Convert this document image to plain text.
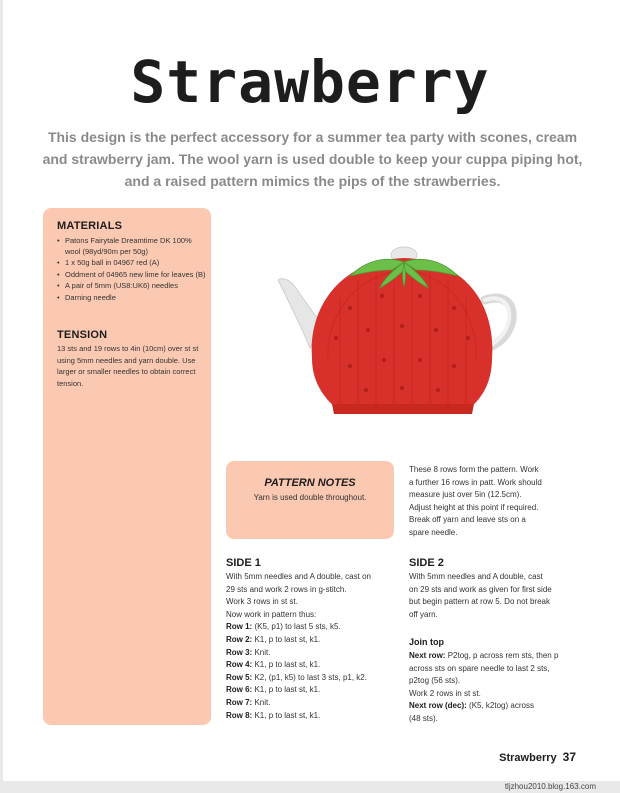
Strawberry
This design is the perfect accessory for a summer tea party with scones, cream and strawberry jam. The wool yarn is used double to keep your cuppa piping hot, and a raised pattern mimics the pips of the strawberries.
MATERIALS
• Patons Fairytale Dreamtime DK 100% wool (98yd/90m per 50g)
• 1 x 50g ball in 04967 red (A)
• Oddment of 04965 new lime for leaves (B)
• A pair of 5mm (US8:UK6) needles
• Darning needle
TENSION
13 sts and 19 rows to 4in (10cm) over st st using 5mm needles and yarn double. Use larger or smaller needles to obtain correct tension.
PATTERN NOTES
Yarn is used double throughout.
SIDE 1

With 5mm needles and A double, cast on

29 sts and work 2 rows in g-stitch.

Work 3 rows in st st.

Now work in pattern thus:

Row 1: (K5, p1) to last 5 sts, k5.

Row 2: K1, p to last st, k1.

Row 3: Knit.

Row 4: K1, p to last st, k1.

Row 5: K2, (p1, k5) to last 3 sts, p1, k2.

Row 6: K1, p to last st, k1.

Row 7: Knit.

Row 8: K1, p to last st, k1.

These 8 rows form the pattern. Work

a further 16 rows in patt. Work should

measure just over 5in (12.5cm).

Adjust height at this point if required.

Break off yarn and leave sts on a

spare needle.

SIDE 2

With 5mm needles and A double, cast

on 29 sts and work as given for first side

but begin pattern at row 5. Do not break

off yarn.

Join top

Next row: P2tog, p across rem sts, then p

across sts on spare needle to last 2 sts,

p2tog (56 sts).

Work 2 rows in st st.

Next row (dec): (K5, k2tog) across

(48 sts).

Strawberry 37
tljzhou2010.blog.163.com
